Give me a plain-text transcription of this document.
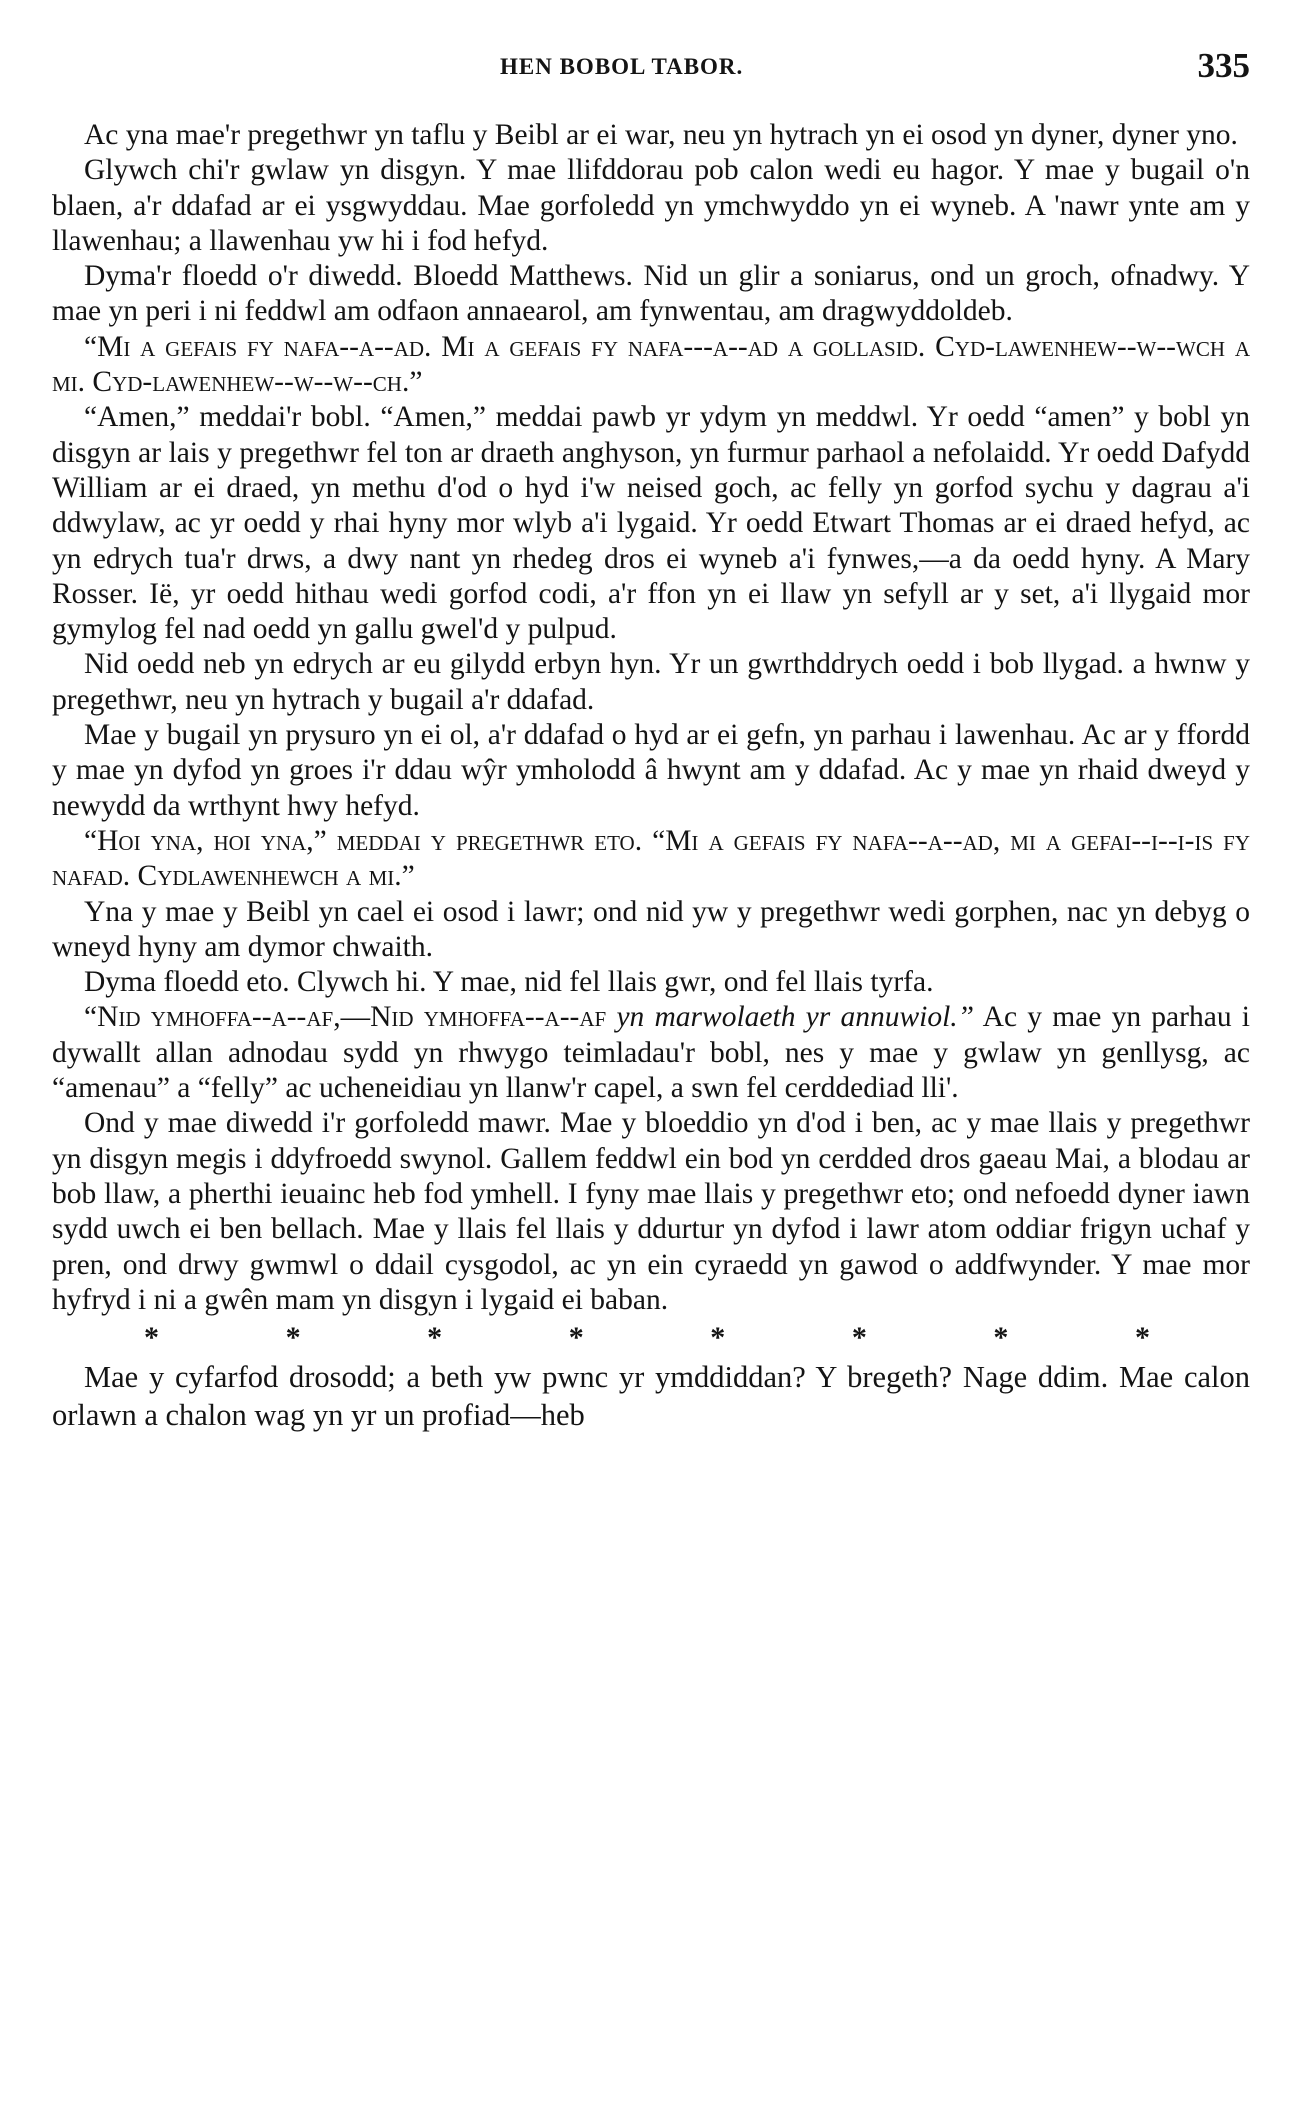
HEN BOBOL TABOR.	335

Ac yna mae'r pregethwr yn taflu y Beibl ar ei war, neu yn hytrach yn ei osod yn dyner, dyner yno.

Glywch chi'r gwlaw yn disgyn. Y mae llifddorau pob calon wedi eu hagor. Y mae y bugail o'n blaen, a'r ddafad ar ei ysgwyddau. Mae gorfoledd yn ymchwyddo yn ei wyneb. A 'nawr ynte am y llawenhau; a llawenhau yw hi i fod hefyd.

Dyma'r floedd o'r diwedd. Bloedd Matthews. Nid un glir a soniarus, ond un groch, ofnadwy. Y mae yn peri i ni feddwl am odfaon annaearol, am fynwentau, am dragwyddoldeb.

“Mi a gefais fy nafa--a--ad. Mi a gefais fy nafa---a--ad a gollasid. Cyd-lawenhew--w--wch a mi. Cyd-lawenhew--w--w--ch.”

“Amen,” meddai'r bobl. “Amen,” meddai pawb yr ydym yn meddwl. Yr oedd “amen” y bobl yn disgyn ar lais y pregethwr fel ton ar draeth anghyson, yn furmur parhaol a nefolaidd. Yr oedd Dafydd William ar ei draed, yn methu d'od o hyd i'w neised goch, ac felly yn gorfod sychu y dagrau a'i ddwylaw, ac yr oedd y rhai hyny mor wlyb a'i lygaid. Yr oedd Etwart Thomas ar ei draed hefyd, ac yn edrych tua'r drws, a dwy nant yn rhedeg dros ei wyneb a'i fynwes,—a da oedd hyny. A Mary Rosser. Ië, yr oedd hithau wedi gorfod codi, a'r ffon yn ei llaw yn sefyll ar y set, a'i llygaid mor gymylog fel nad oedd yn gallu gwel'd y pulpud.

Nid oedd neb yn edrych ar eu gilydd erbyn hyn. Yr un gwrthddrych oedd i bob llygad. a hwnw y pregethwr, neu yn hytrach y bugail a'r ddafad.

Mae y bugail yn prysuro yn ei ol, a'r ddafad o hyd ar ei gefn, yn parhau i lawenhau. Ac ar y ffordd y mae yn dyfod yn groes i'r ddau wŷr ymholodd â hwynt am y ddafad. Ac y mae yn rhaid dweyd y newydd da wrthynt hwy hefyd.

“Hoi yna, hoi yna,” meddai y pregethwr eto. “Mi a gefais fy nafa--a--ad, mi a gefai--i--i-is fy nafad. Cydlawenhewch a mi.”

Yna y mae y Beibl yn cael ei osod i lawr; ond nid yw y pregethwr wedi gorphen, nac yn debyg o wneyd hyny am dymor chwaith.

Dyma floedd eto. Clywch hi. Y mae, nid fel llais gwr, ond fel llais tyrfa.

“Nid ymhoffa--a--af,—Nid ymhoffa--a--af yn marwolaeth yr annuwiol.” Ac y mae yn parhau i dywallt allan adnodau sydd yn rhwygo teimladau'r bobl, nes y mae y gwlaw yn genllysg, ac “amenau” a “felly” ac ucheneidiau yn llanw'r capel, a swn fel cerddediad lli'.

Ond y mae diwedd i'r gorfoledd mawr. Mae y bloeddio yn d'od i ben, ac y mae llais y pregethwr yn disgyn megis i ddyfroedd swynol. Gallem feddwl ein bod yn cerdded dros gaeau Mai, a blodau ar bob llaw, a pherthi ieuainc heb fod ymhell. I fyny mae llais y pregethwr eto; ond nefoedd dyner iawn sydd uwch ei ben bellach. Mae y llais fel llais y ddurtur yn dyfod i lawr atom oddiar frigyn uchaf y pren, ond drwy gwmwl o ddail cysgodol, ac yn ein cyraedd yn gawod o addfwynder. Y mae mor hyfryd i ni a gwên mam yn disgyn i lygaid ei baban.

*	*	*	*	*	*	*	*

Mae y cyfarfod drosodd; a beth yw pwnc yr ymddiddan? Y bregeth? Nage ddim. Mae calon orlawn a chalon wag yn yr un profiad—heb
